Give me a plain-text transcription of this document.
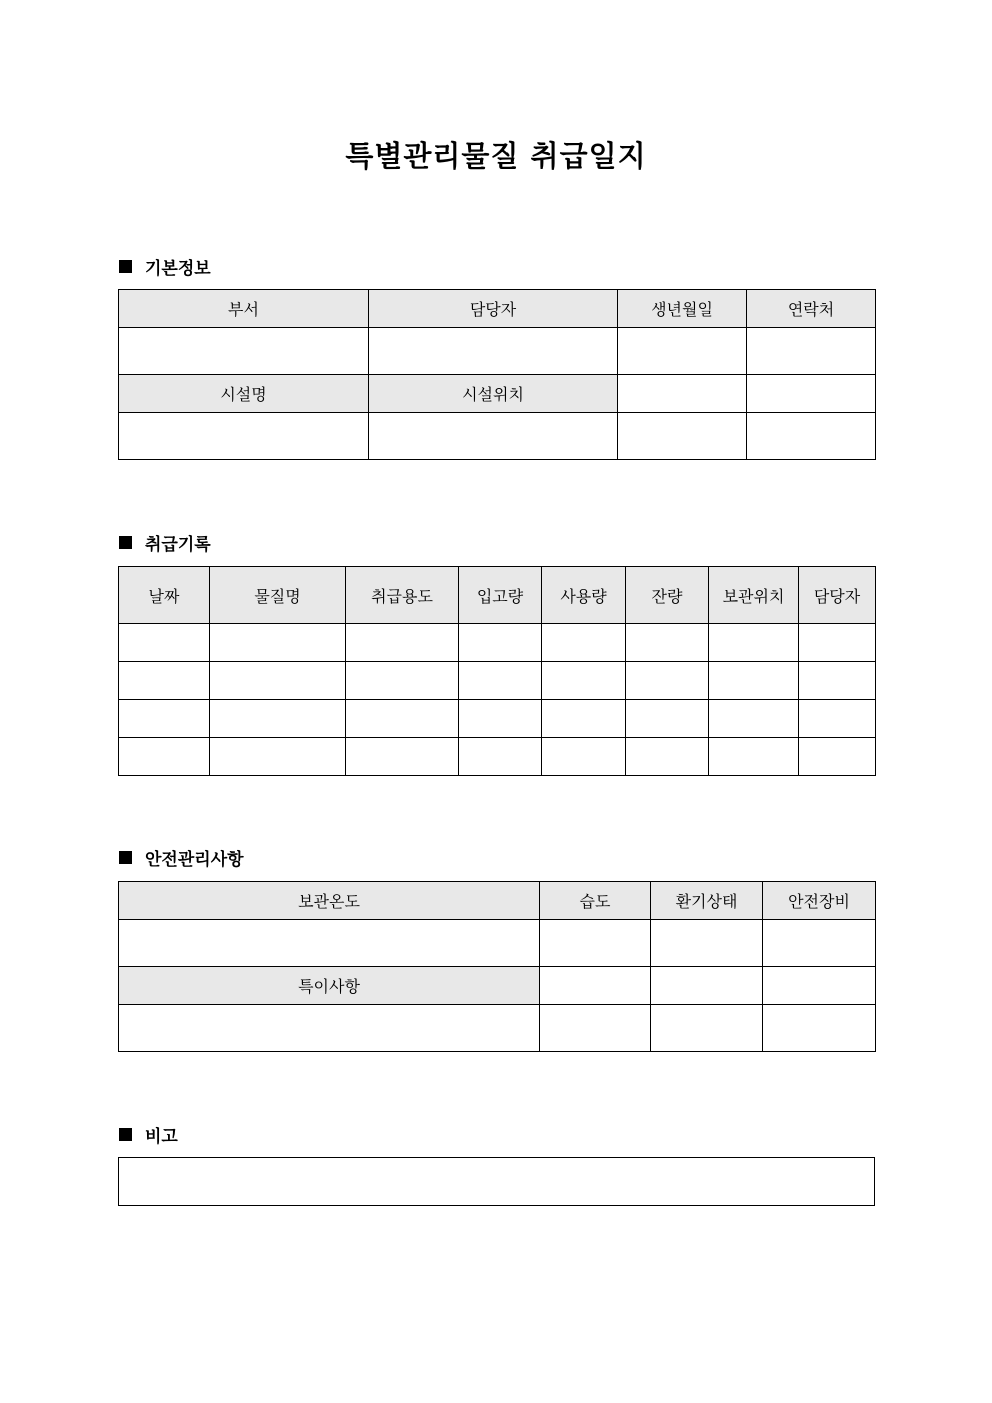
특별관리물질 취급일지
기본정보
부서	담당자	생년월일	연락처

시설명	시설위치		

취급기록
날짜	물질명	취급용도	입고량	사용량	잔량	보관위치	담당자

안전관리사항
보관온도	습도	환기상태	안전장비

특이사항			

비고
